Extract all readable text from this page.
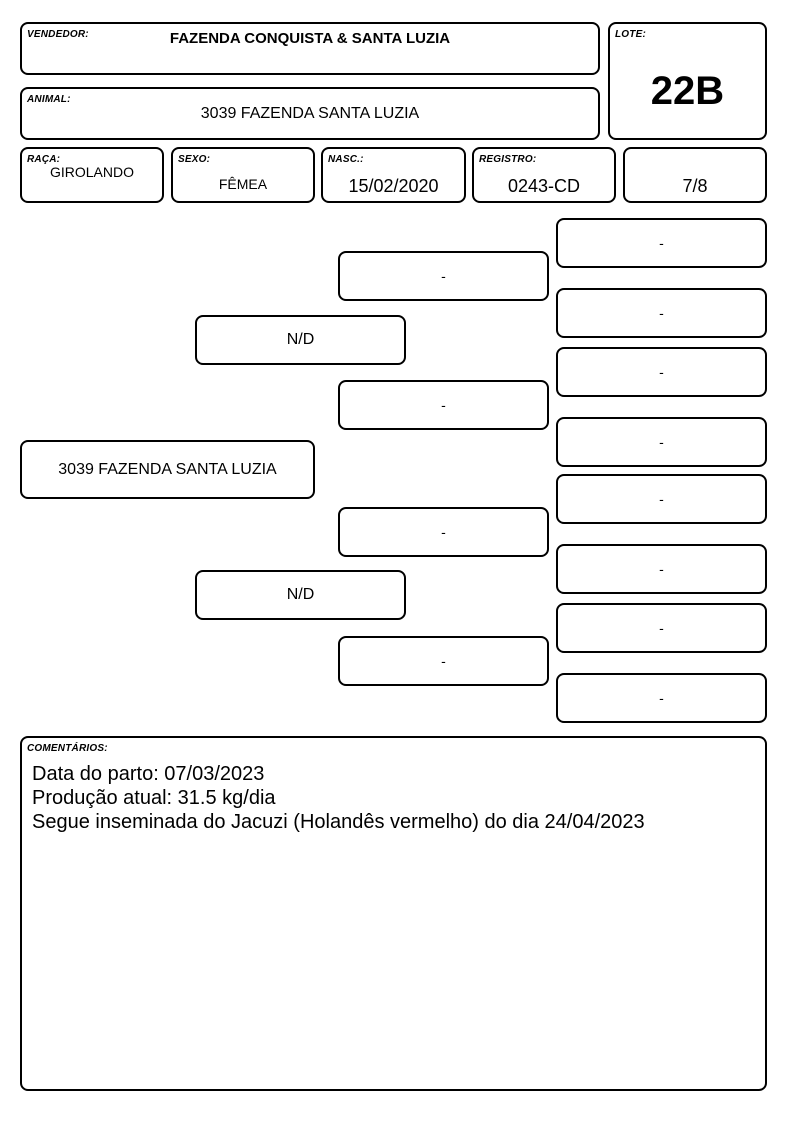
VENDEDOR:	FAZENDA CONQUISTA & SANTA LUZIA	LOTE:
22B
ANIMAL:
3039 FAZENDA SANTA LUZIA
RAÇA:
GIROLANDO
SEXO:
FÊMEA
NASC.:
15/02/2020
REGISTRO:
0243-CD	7/8
3039 FAZENDA SANTA LUZIA
N/D
N/D
-
-
-
-
-
-
-
-
-
-
-
-
COMENTÁRIOS:
Data do parto: 07/03/2023
Produção atual: 31.5 kg/dia
Segue inseminada do Jacuzi (Holandês vermelho) do dia 24/04/2023
